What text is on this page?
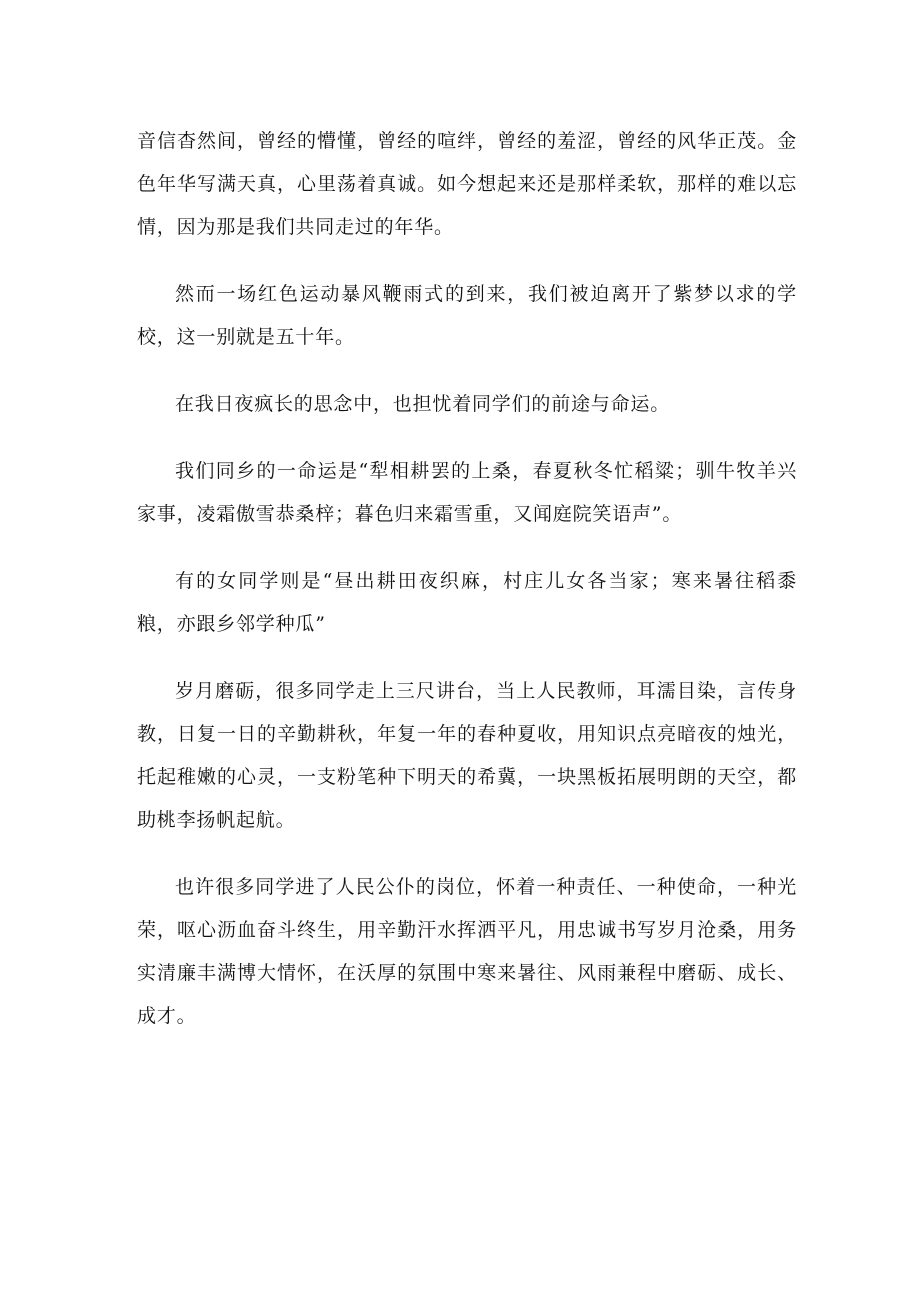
音信杳然间，曾经的懵懂，曾经的喧绊，曾经的羞涩，曾经的风华正茂。金色年华写满天真，心里荡着真诚。如今想起来还是那样柔软，那样的难以忘情，因为那是我们共同走过的年华。

然而一场红色运动暴风鞭雨式的到来，我们被迫离开了紫梦以求的学校，这一别就是五十年。

在我日夜疯长的思念中，也担忧着同学们的前途与命运。

我们同乡的一命运是“犁相耕罢的上桑，春夏秋冬忙稻粱；驯牛牧羊兴家事，凌霜傲雪恭桑梓；暮色归来霜雪重，又闻庭院笑语声”。

有的女同学则是“昼出耕田夜织麻，村庄儿女各当家；寒来暑往稻黍粮，亦跟乡邻学种瓜”

岁月磨砺，很多同学走上三尺讲台，当上人民教师，耳濡目染，言传身教，日复一日的辛勤耕秋，年复一年的春种夏收，用知识点亮暗夜的烛光，托起稚嫩的心灵，一支粉笔种下明天的希冀，一块黑板拓展明朗的天空，都助桃李扬帆起航。

也许很多同学进了人民公仆的岗位，怀着一种责任、一种使命，一种光荣，呕心沥血奋斗终生，用辛勤汗水挥洒平凡，用忠诚书写岁月沧桑，用务实清廉丰满博大情怀，在沃厚的氛围中寒来暑往、风雨兼程中磨砺、成长、成才。
